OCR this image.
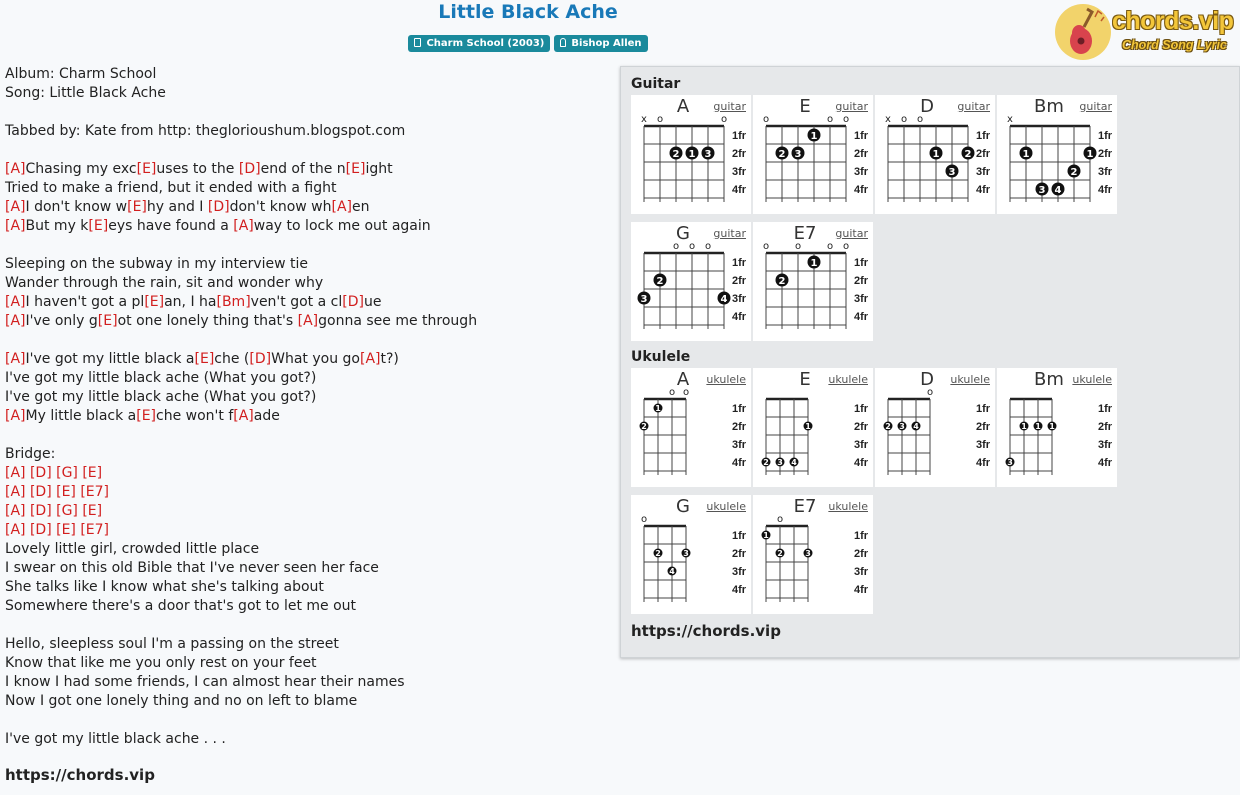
Little Black Ache
Charm School (2003)	Bishop Allen
chords.vip
Chord Song Lyric
Album: Charm School
Song: Little Black Ache
Tabbed by: Kate from http: theglorioushum.blogspot.com
[A]Chasing my exc[E]uses to the [D]end of the n[E]ight
Tried to make a friend, but it ended with a fight
[A]I don't know w[E]hy and I [D]don't know wh[A]en
[A]But my k[E]eys have found a [A]way to lock me out again
Sleeping on the subway in my interview tie
Wander through the rain, sit and wonder why
[A]I haven't got a pl[E]an, I ha[Bm]ven't got a cl[D]ue
[A]I've only g[E]ot one lonely thing that's [A]gonna see me through
[A]I've got my little black a[E]che ([D]What you go[A]t?)
I've got my little black ache (What you got?)
I've got my little black ache (What you got?)
[A]My little black a[E]che won't f[A]ade
Bridge:
[A] [D] [G] [E]
[A] [D] [E] [E7]
[A] [D] [G] [E]
[A] [D] [E] [E7]
Lovely little girl, crowded little place
I swear on this old Bible that I've never seen her face
She talks like I know what she's talking about
Somewhere there's a door that's got to let me out
Hello, sleepless soul I'm a passing on the street
Know that like me you only rest on your feet
I know I had some friends, I can almost hear their names
Now I got one lonely thing and no on left to blame
I've got my little black ache . . .
https://chords.vip
Guitar
A	guitar
1fr
2fr
3fr
4fr
x o	o
2 1 3
E	guitar
1fr
2fr
3fr
4fr
o	o o
2 3
1
D	guitar
1fr
2fr
3fr
4fr
x o o
1
3
2
Bm	guitar
1fr
2fr
3fr
4fr
x
1	1
3 4
2
G	guitar
1fr
2fr
3fr
4fr
o o o
3
2
4
E7	guitar
1fr
2fr
3fr
4fr
o	o	o o
2
1
Ukulele
A	ukulele
1fr
2fr
3fr
4fr
o o
2
1
E	ukulele
1fr
2fr
3fr
4fr
2 3 4
1
D	ukulele
1fr
2fr
3fr
4fr
o
2 3 4
Bm ukulele
1fr
2fr
3fr
4fr
3
1 1 1
G	ukulele
1fr
2fr
3fr
4fr
o
2
4
3
E7	ukulele
1fr
2fr
3fr
4fr
o
1
2	3
https://chords.vip
